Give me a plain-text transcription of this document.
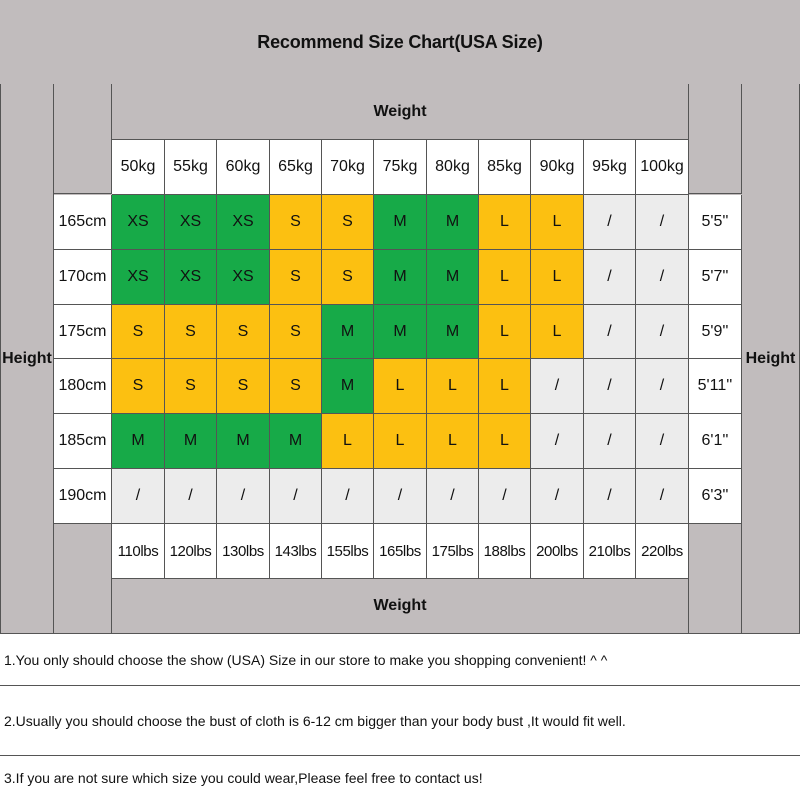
Recommend Size Chart(USA Size)
Height	Height
Weight
50kg	55kg	60kg	65kg	70kg	75kg	80kg	85kg	90kg	95kg 100kg
165cm	XS	XS	XS	S	S	M	M	L	L	/	/	5'5''
170cm	XS	XS	XS	S	S	M	M	L	L	/	/	5'7''
175cm	S	S	S	S	M	M	M	L	L	/	/	5'9''
180cm	S	S	S	S	M	L	L	L	/	/	/	5'11''
185cm	M	M	M	M	L	L	L	L	/	/	/	6'1''
190cm	/	/	/	/	/	/	/	/	/	/	/	6'3''
110lbs 120lbs 130lbs 143lbs 155lbs 165lbs 175lbs 188lbs 200lbs 210lbs 220lbs
Weight
1.You only should choose the show (USA) Size in our store to make you shopping convenient! ^ ^
2.Usually you should choose the bust of cloth is 6-12 cm bigger than your body bust ,It would fit well.
3.If you are not sure which size you could wear,Please feel free to contact us!
